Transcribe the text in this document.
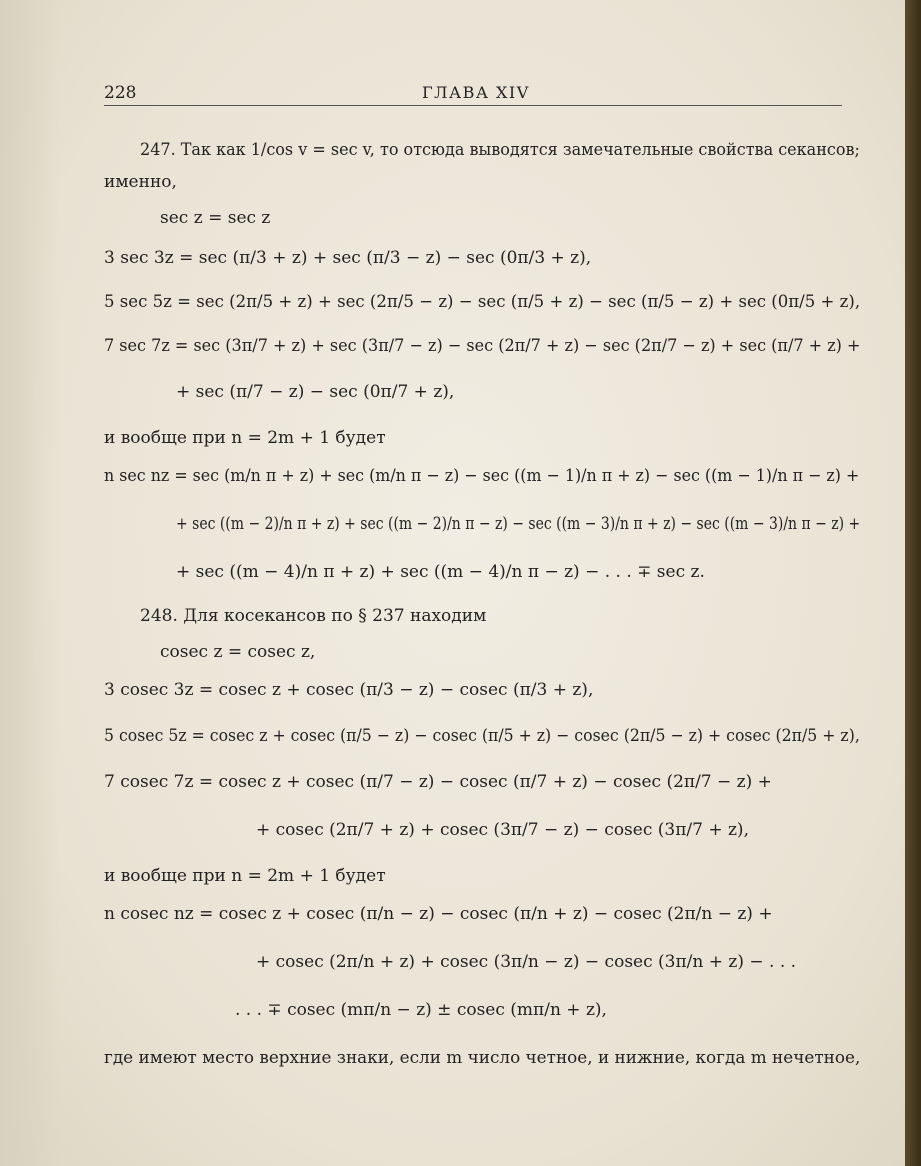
228	ГЛАВА XIV
247. Так как 1/cos v = sec v, то отсюда выводятся замечательные свойства секансов;
именно,
sec z = sec z
3 sec 3z = sec (π/3 + z) + sec (π/3 − z) − sec (0π/3 + z),
5 sec 5z = sec (2π/5 + z) + sec (2π/5 − z) − sec (π/5 + z) − sec (π/5 − z) + sec (0π/5 + z),
7 sec 7z = sec (3π/7 + z) + sec (3π/7 − z) − sec (2π/7 + z) − sec (2π/7 − z) + sec (π/7 + z) +
+ sec (π/7 − z) − sec (0π/7 + z),
и вообще при n = 2m + 1 будет
n sec nz = sec (m/n π + z) + sec (m/n π − z) − sec ((m − 1)/n π + z) − sec ((m − 1)/n π − z) +
+ sec ((m − 2)/n π + z) + sec ((m − 2)/n π − z) − sec ((m − 3)/n π + z) − sec ((m − 3)/n π − z) +
+ sec ((m − 4)/n π + z) + sec ((m − 4)/n π − z) − . . . ∓ sec z.
248. Для косекансов по § 237 находим
cosec z = cosec z,
3 cosec 3z = cosec z + cosec (π/3 − z) − cosec (π/3 + z),
5 cosec 5z = cosec z + cosec (π/5 − z) − cosec (π/5 + z) − cosec (2π/5 − z) + cosec (2π/5 + z),
7 cosec 7z = cosec z + cosec (π/7 − z) − cosec (π/7 + z) − cosec (2π/7 − z) +
+ cosec (2π/7 + z) + cosec (3π/7 − z) − cosec (3π/7 + z),
и вообще при n = 2m + 1 будет
n cosec nz = cosec z + cosec (π/n − z) − cosec (π/n + z) − cosec (2π/n − z) +
+ cosec (2π/n + z) + cosec (3π/n − z) − cosec (3π/n + z) − . . .
. . . ∓ cosec (mπ/n − z) ± cosec (mπ/n + z),
где имеют место верхние знаки, если m число четное, и нижние, когда m нечетное,
